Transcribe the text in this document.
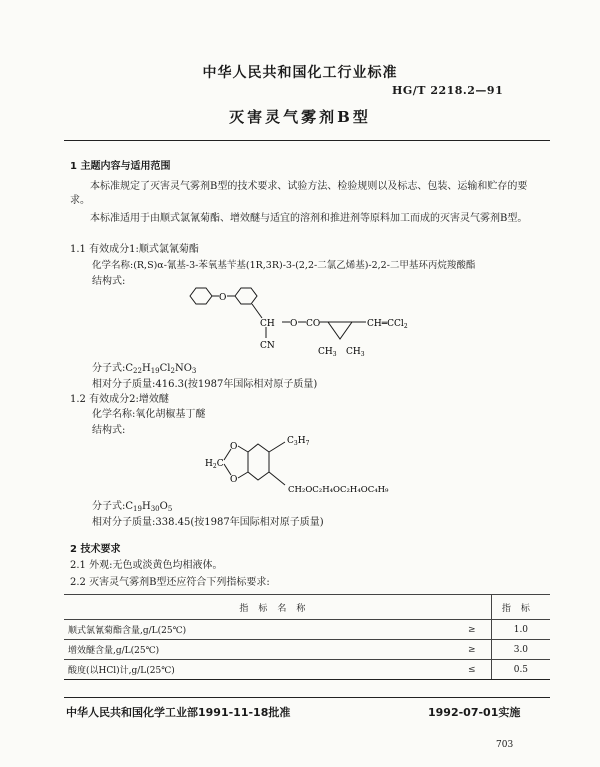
中华人民共和国化工行业标准
HG/T 2218.2—91
灭害灵气雾剂B型
1 主题内容与适用范围
本标准规定了灭害灵气雾剂B型的技术要求、试验方法、检验规则以及标志、包装、运输和贮存的要求。
本标准适用于由顺式氯氰菊酯、增效醚与适宜的溶剂和推进剂等原料加工而成的灭害灵气雾剂B型。
1.1 有效成分1:顺式氯氰菊酯
化学名称:(R,S)α-氰基-3-苯氧基苄基(1R,3R)-3-(2,2-二氯乙烯基)-2,2-二甲基环丙烷羧酸酯
结构式:
O
CH O CO
CN
CH═CCl$_2$
$CH_3$ $CH_3$
分子式$:C_{22}H_{19}Cl_2NO_3$
相对分子质量:416.3(按1987年国际相对原子质量)
1.2 有效成分2:增效醚
化学名称:氧化胡椒基丁醚
结构式:
O
O
$H_2C$
$C_3H_7$
CH₂OC₂H₄OC₂H₄OC₄H₉
分子式$:C_{19}H_{30}O_5$
相对分子质量:338.45(按1987年国际相对原子质量)
2 技术要求
2.1 外观:无色或淡黄色均相液体。
2.2 灭害灵气雾剂B型还应符合下列指标要求:
指标名称		指标
顺式氯氰菊酯含量,g/L(25℃)	≥	1.0
增效醚含量,g/L(25℃)	≥	3.0
酸度(以HCl)计,g/L(25℃)	≤	0.5
中华人民共和国化学工业部1991-11-18批准	1992-07-01实施
703
